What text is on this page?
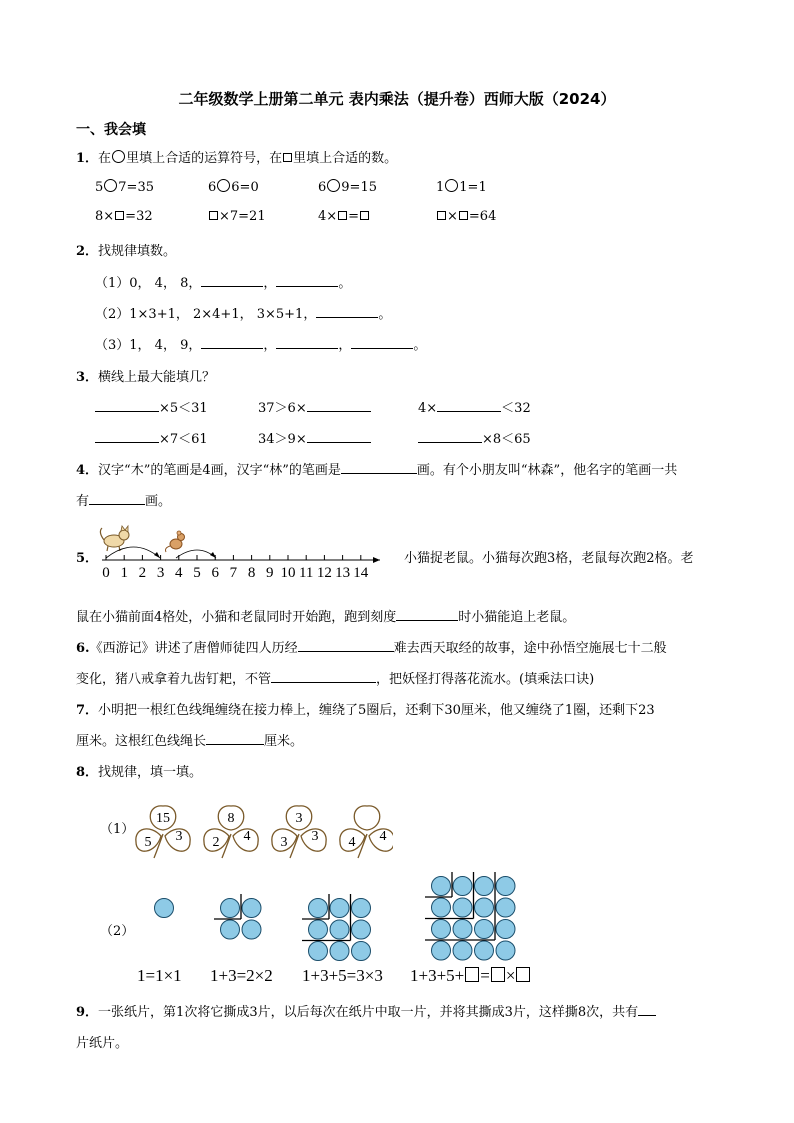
二年级数学上册第二单元 表内乘法（提升卷）西师大版（2024）
一、我会填
1．在 里填上合适的运算符号，在 里填上合适的数。
5 7=35	6 6=0	6 9=15	1 1=1
8× =32	×7=21	4× =	× =64
2．找规律填数。
（1）0， 4， 8，	，	。
（2）1×3+1， 2×4+1， 3×5+1，	。
（3）1， 4， 9，	，	，	。
3．横线上最大能填几？
×5＜31	37＞6×	4×	＜32
×7＜61	34＞9×	×8＜65
4．汉字“木”的笔画是4画，汉字“林”的笔画是	画。有个小朋友叫“林森”，他名字的笔画一共
有	画。
5．
0 1 2 3 4 5 6 7 8 9 10 11 12 13 14
小猫捉老鼠。小猫每次跑3格，老鼠每次跑2格。老
鼠在小猫前面4格处，小猫和老鼠同时开始跑，跑到刻度	时小猫能追上老鼠。
6.《西游记》讲述了唐僧师徒四人历经	难去西天取经的故事，途中孙悟空施展七十二般
变化，猪八戒拿着九齿钉耙，不管	，把妖怪打得落花流水。(填乘法口诀)
7．小明把一根红色线绳缠绕在接力棒上，缠绕了5圈后，还剩下30厘米，他又缠绕了1圈，还剩下23
厘米。这根红色线绳长	厘米。
8．找规律，填一填。
（1）
15
5 3
8
2 4
3
3 3 4 4
（2）
1=1×1 1+3=2×2 1+3+5=3×3 1+3+5+ = ×
9．一张纸片，第1次将它撕成3片，以后每次在纸片中取一片，并将其撕成3片，这样撕8次，共有
片纸片。
